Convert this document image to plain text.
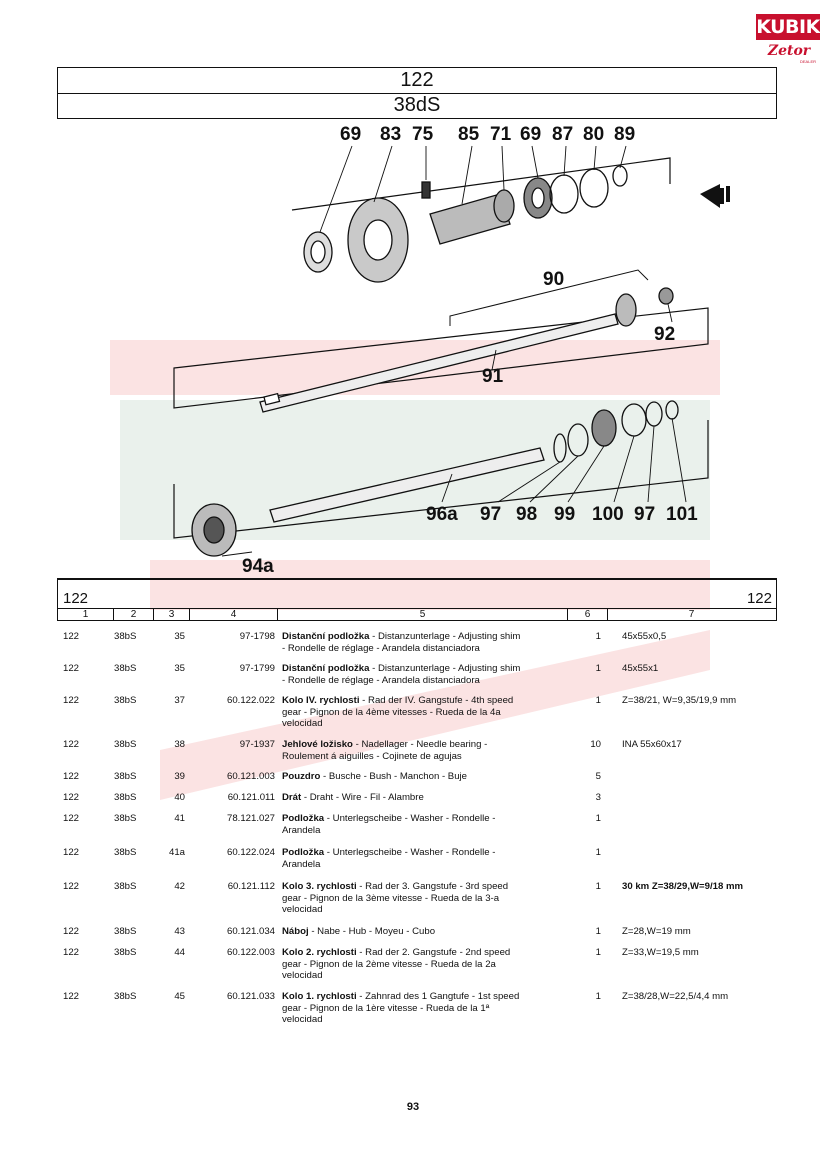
KUBIK
Zetor
DEALER
122
38dS
69 83 75 85 71 69 87 80 89
90
91
92
96a 97 98 99 100 97 101
94a
122	122
1	2	3	4	5	6	7
122	38bS	35	97-1798 Distanční podložka - Distanzunterlage - Adjusting shim
- Rondelle de réglage - Arandela distanciadora
1 45x55x0,5
122	38bS	35	97-1799 Distanční podložka - Distanzunterlage - Adjusting shim
- Rondelle de réglage - Arandela distanciadora
1 45x55x1
122	38bS	37	60.122.022 Kolo IV. rychlosti - Rad der IV. Gangstufe - 4th speed
gear - Pignon de la 4ème vitesses - Rueda de la 4a
velocidad
1 Z=38/21, W=9,35/19,9 mm
122	38bS	38	97-1937 Jehlové ložisko - Nadellager - Needle bearing -
Roulement á aiguilles - Cojinete de agujas
10 INA 55x60x17
122	38bS	39	60.121.003 Pouzdro - Busche - Bush - Manchon - Buje	5
122	38bS	40	60.121.011 Drát - Draht - Wire - Fil - Alambre	3
122	38bS	41	78.121.027 Podložka - Unterlegscheibe - Washer - Rondelle -
Arandela
1
122	38bS	41a	60.122.024 Podložka - Unterlegscheibe - Washer - Rondelle -
Arandela
1
122	38bS	42	60.121.112 Kolo 3. rychlosti - Rad der 3. Gangstufe - 3rd speed
gear - Pignon de la 3ème vitesse - Rueda de la 3-a
velocidad
1 30 km Z=38/29,W=9/18 mm
122	38bS	43	60.121.034 Náboj - Nabe - Hub - Moyeu - Cubo	1 Z=28,W=19 mm
122	38bS	44	60.122.003 Kolo 2. rychlosti - Rad der 2. Gangstufe - 2nd speed
gear - Pignon de la 2ème vitesse - Rueda de la 2a
velocidad
1 Z=33,W=19,5 mm
122	38bS	45	60.121.033 Kolo 1. rychlosti - Zahnrad des 1 Gangtufe - 1st speed
gear - Pignon de la 1ère vitesse - Rueda de la 1ª
velocidad
1 Z=38/28,W=22,5/4,4 mm
93
